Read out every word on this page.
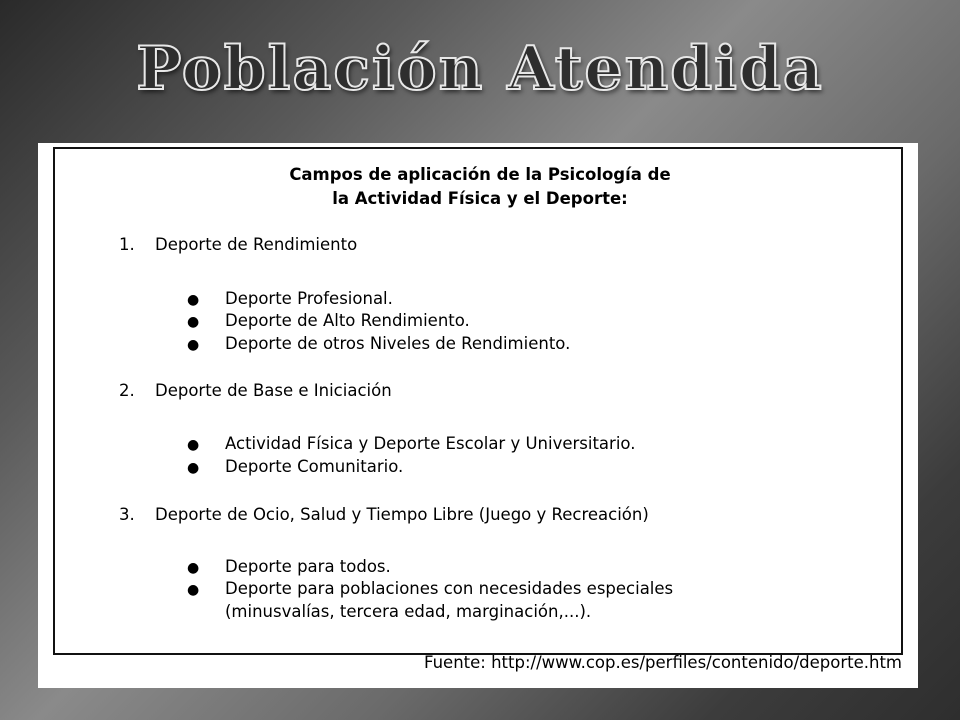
Población Atendida
Campos de aplicación de la Psicología de
la Actividad Física y el Deporte:
1. Deporte de Rendimiento
● Deporte Profesional.
● Deporte de Alto Rendimiento.
● Deporte de otros Niveles de Rendimiento.
2. Deporte de Base e Iniciación
● Actividad Física y Deporte Escolar y Universitario.
● Deporte Comunitario.
3. Deporte de Ocio, Salud y Tiempo Libre (Juego y Recreación)
● Deporte para todos.
● Deporte para poblaciones con necesidades especiales
(minusvalías, tercera edad, marginación,...).
Fuente: http://www.cop.es/perfiles/contenido/deporte.htm
